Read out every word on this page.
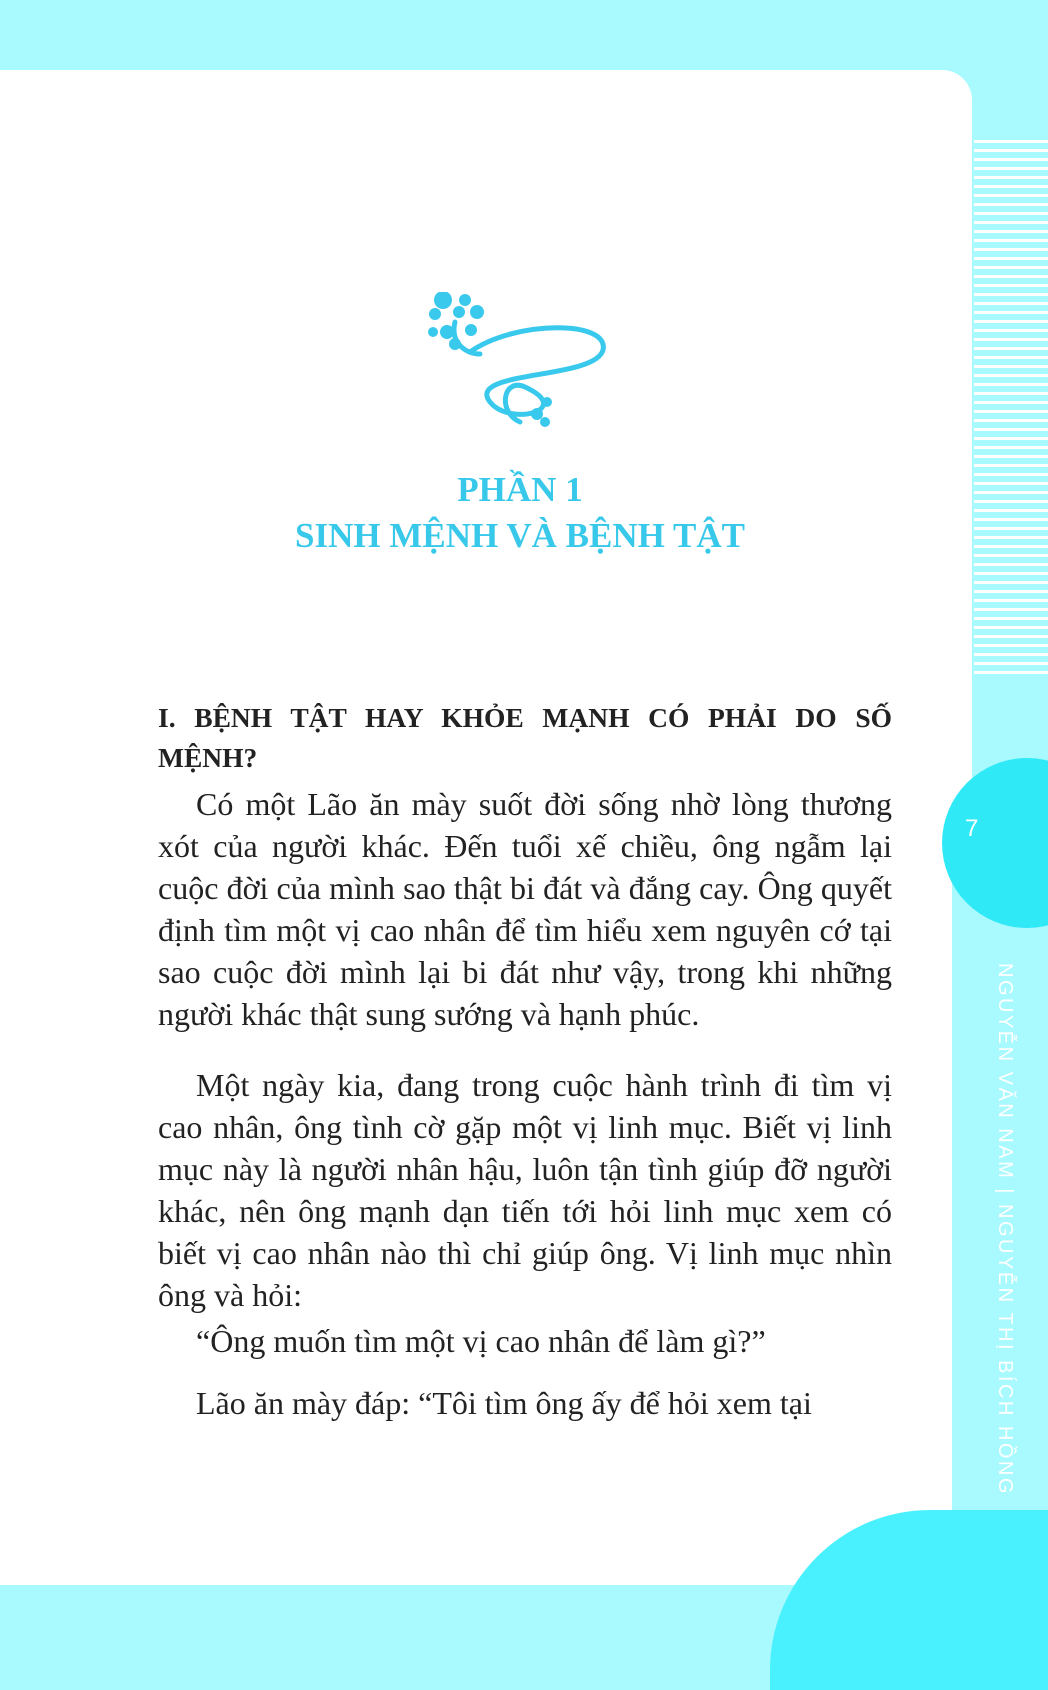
7
NGUYỄN VĂN NAM | NGUYỄN THỊ BÍCH HỒNG
PHẦN 1
SINH MỆNH VÀ BỆNH TẬT

I. BỆNH TẬT HAY KHỎE MẠNH CÓ PHẢI DO SỐ MỆNH?

Có một Lão ăn mày suốt đời sống nhờ lòng thương xót của người khác. Đến tuổi xế chiều, ông ngẫm lại cuộc đời của mình sao thật bi đát và đắng cay. Ông quyết định tìm một vị cao nhân để tìm hiểu xem nguyên cớ tại sao cuộc đời mình lại bi đát như vậy, trong khi những người khác thật sung sướng và hạnh phúc.

Một ngày kia, đang trong cuộc hành trình đi tìm vị cao nhân, ông tình cờ gặp một vị linh mục. Biết vị linh mục này là người nhân hậu, luôn tận tình giúp đỡ người khác, nên ông mạnh dạn tiến tới hỏi linh mục xem có biết vị cao nhân nào thì chỉ giúp ông. Vị linh mục nhìn ông và hỏi:

“Ông muốn tìm một vị cao nhân để làm gì?”

Lão ăn mày đáp: “Tôi tìm ông ấy để hỏi xem tại
